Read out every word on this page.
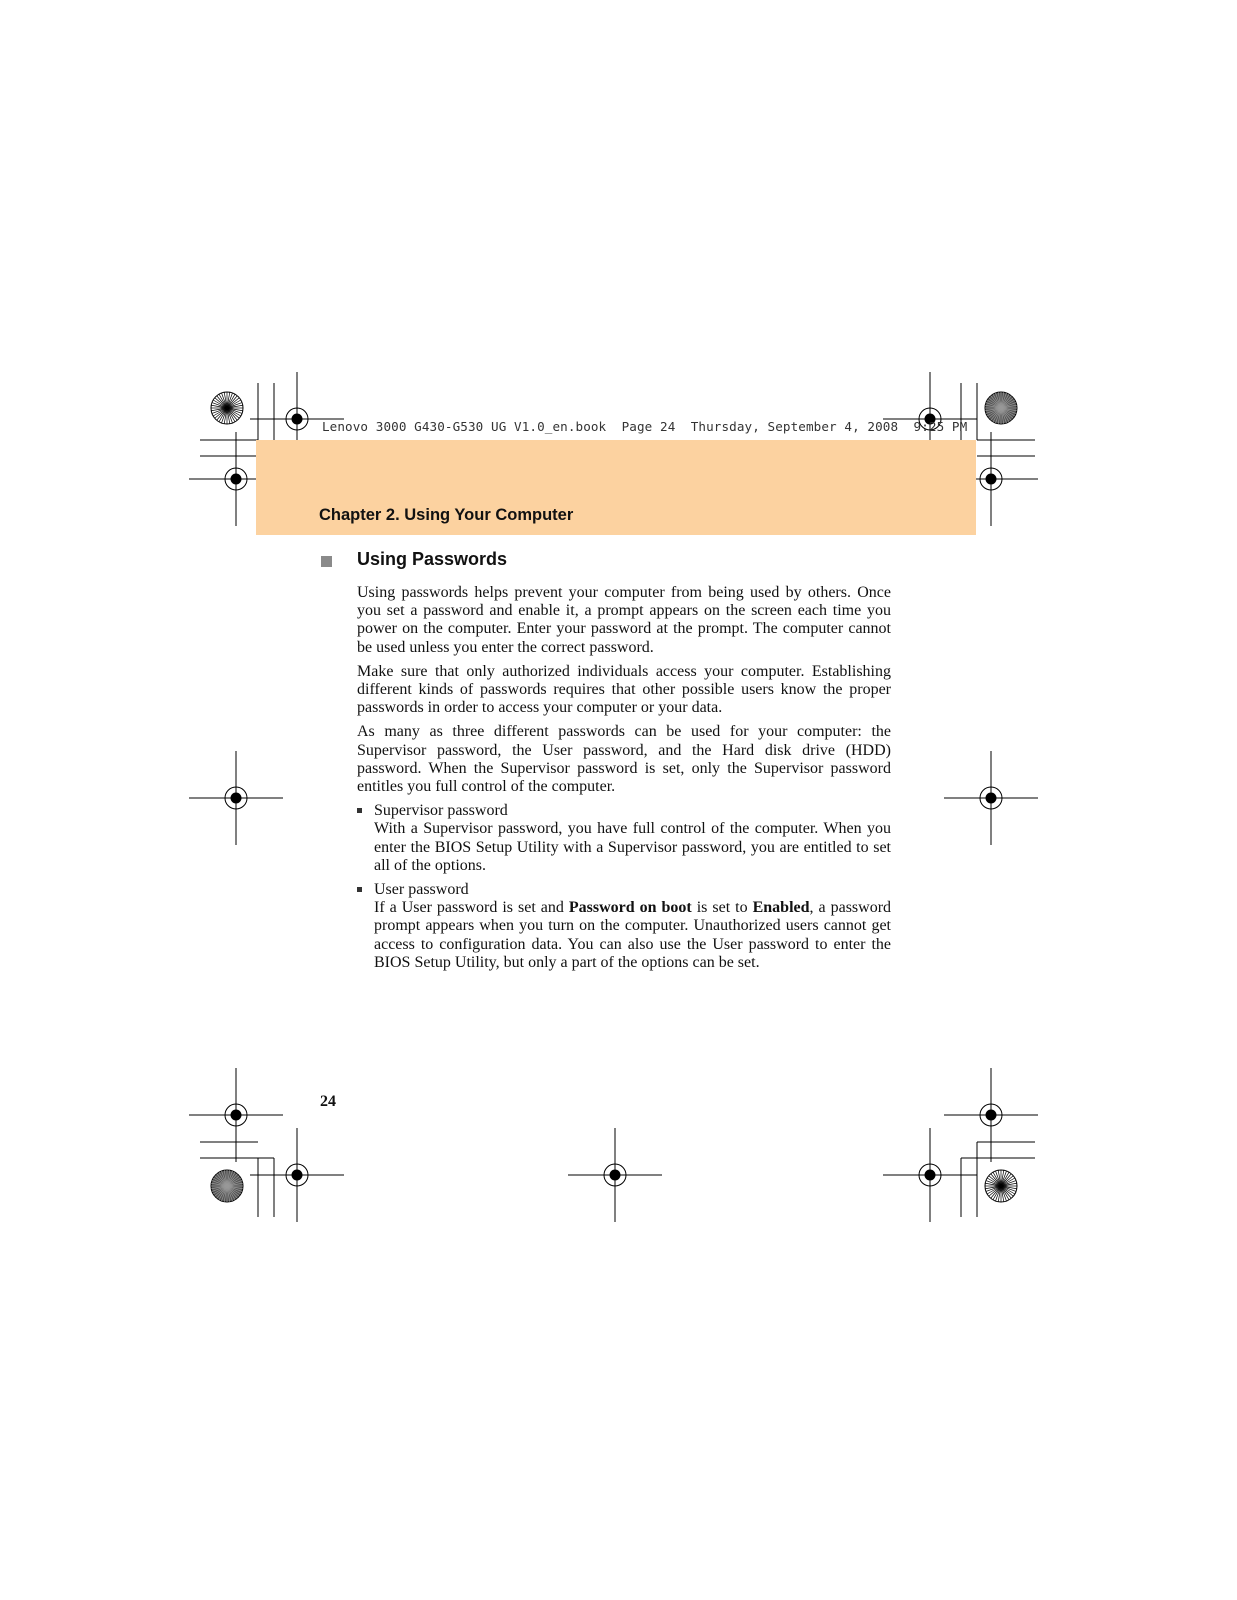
Lenovo 3000 G430-G530 UG V1.0_en.book  Page 24  Thursday, September 4, 2008  9:25 PM

Chapter 2. Using Your Computer
Using Passwords

Using passwords helps prevent your computer from being used by others. Once you set a password and enable it, a prompt appears on the screen each time you power on the computer. Enter your password at the prompt. The computer cannot be used unless you enter the correct password.

Make sure that only authorized individuals access your computer. Establishing different kinds of passwords requires that other possible users know the proper passwords in order to access your computer or your data.

As many as three different passwords can be used for your computer: the Supervisor password, the User password, and the Hard disk drive (HDD) password. When the Supervisor password is set, only the Supervisor password entitles you full control of the computer.

Supervisor password
With a Supervisor password, you have full control of the computer. When you enter the BIOS Setup Utility with a Supervisor password, you are entitled to set all of the options.
User password
If a User password is set and Password on boot is set to Enabled, a password prompt appears when you turn on the computer. Unauthorized users cannot get access to configuration data. You can also use the User password to enter the BIOS Setup Utility, but only a part of the options can be set.

24
